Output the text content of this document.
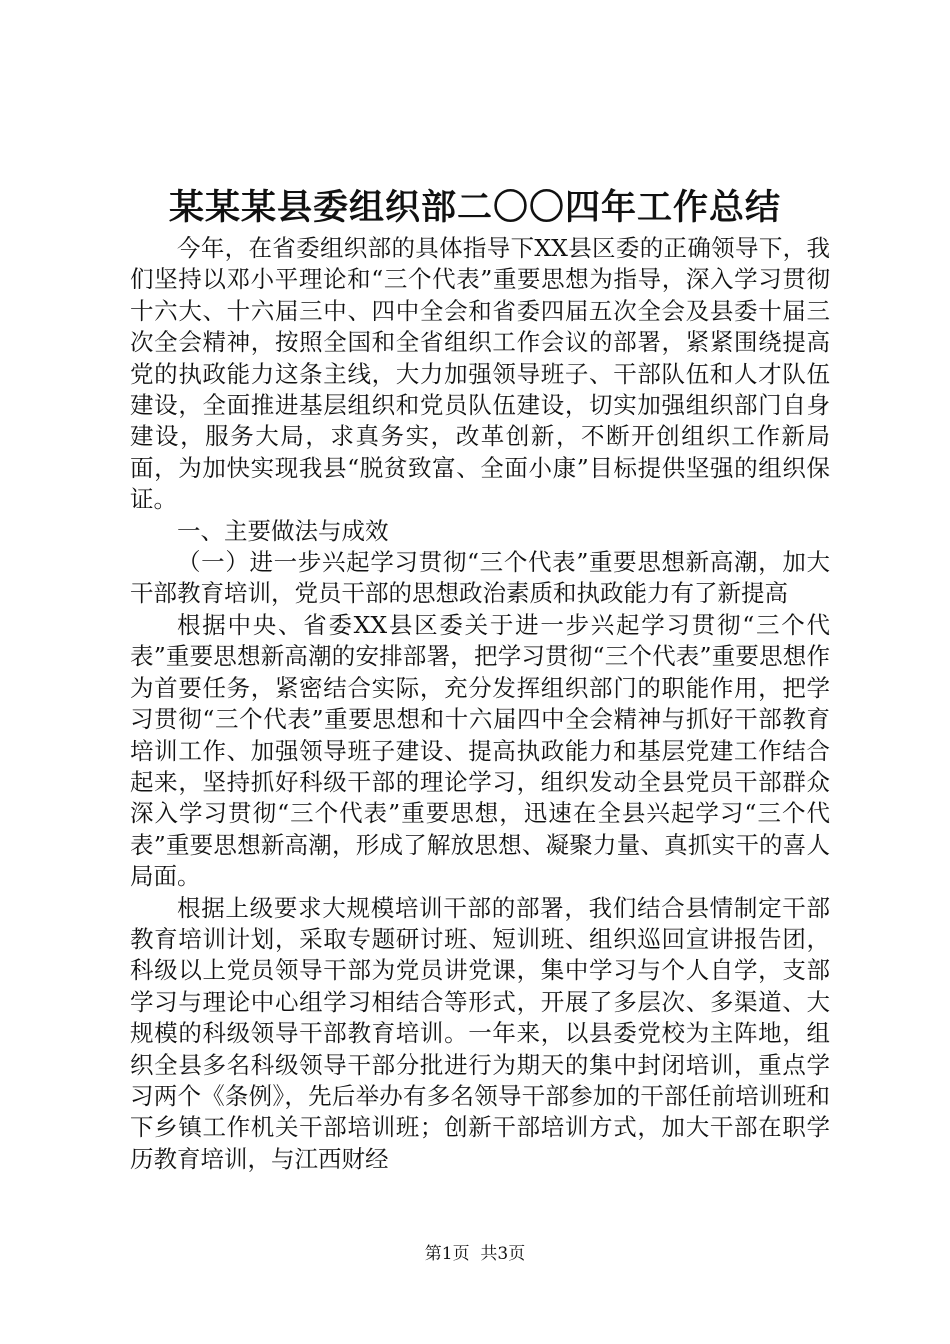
某某某县委组织部二〇〇四年工作总结

今年，在省委组织部的具体指导下XX县区委的正确领导下，我们坚持以邓小平理论和“三个代表”重要思想为指导，深入学习贯彻十六大、十六届三中、四中全会和省委四届五次全会及县委十届三次全会精神，按照全国和全省组织工作会议的部署，紧紧围绕提高党的执政能力这条主线，大力加强领导班子、干部队伍和人才队伍建设，全面推进基层组织和党员队伍建设，切实加强组织部门自身建设，服务大局，求真务实，改革创新，不断开创组织工作新局面，为加快实现我县“脱贫致富、全面小康”目标提供坚强的组织保证。

一、主要做法与成效

（一）进一步兴起学习贯彻“三个代表”重要思想新高潮，加大干部教育培训，党员干部的思想政治素质和执政能力有了新提高

根据中央、省委XX县区委关于进一步兴起学习贯彻“三个代表”重要思想新高潮的安排部署，把学习贯彻“三个代表”重要思想作为首要任务，紧密结合实际，充分发挥组织部门的职能作用，把学习贯彻“三个代表”重要思想和十六届四中全会精神与抓好干部教育培训工作、加强领导班子建设、提高执政能力和基层党建工作结合起来，坚持抓好科级干部的理论学习，组织发动全县党员干部群众深入学习贯彻“三个代表”重要思想，迅速在全县兴起学习“三个代表”重要思想新高潮，形成了解放思想、凝聚力量、真抓实干的喜人局面。

根据上级要求大规模培训干部的部署，我们结合县情制定干部教育培训计划，采取专题研讨班、短训班、组织巡回宣讲报告团，科级以上党员领导干部为党员讲党课，集中学习与个人自学，支部学习与理论中心组学习相结合等形式，开展了多层次、多渠道、大规模的科级领导干部教育培训。一年来，以县委党校为主阵地，组织全县多名科级领导干部分批进行为期天的集中封闭培训，重点学习两个《条例》，先后举办有多名领导干部参加的干部任前培训班和下乡镇工作机关干部培训班；创新干部培训方式，加大干部在职学历教育培训，与江西财经

第1页 共3页
